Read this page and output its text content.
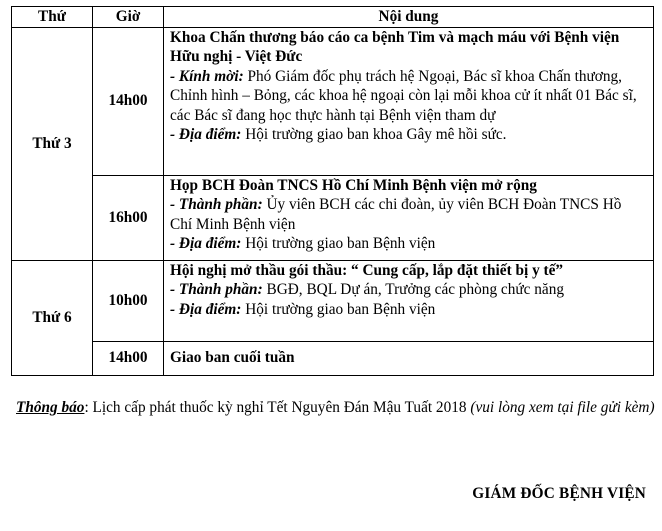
Thứ	Giờ	Nội dung
Thứ 3	14h00	Khoa Chấn thương báo cáo ca bệnh Tim và mạch máu với Bệnh viện Hữu nghị - Việt Đức
- Kính mời: Phó Giám đốc phụ trách hệ Ngoại, Bác sĩ khoa Chấn thương, Chỉnh hình – Bỏng, các khoa hệ ngoại còn lại mỗi khoa cử ít nhất 01 Bác sĩ, các Bác sĩ đang học thực hành tại Bệnh viện tham dự
- Địa điểm: Hội trường giao ban khoa Gây mê hồi sức.

	16h00	Họp BCH Đoàn TNCS Hồ Chí Minh Bệnh viện mở rộng
- Thành phần: Ủy viên BCH các chi đoàn, ủy viên BCH Đoàn TNCS Hồ Chí Minh Bệnh viện
- Địa điểm: Hội trường giao ban Bệnh viện

Thứ 6	10h00	Hội nghị mở thầu gói thầu: “ Cung cấp, lắp đặt thiết bị y tế”
- Thành phần: BGĐ, BQL Dự án, Trưởng các phòng chức năng
- Địa điểm: Hội trường giao ban Bệnh viện

	14h00	Giao ban cuối tuần
Thông báo: Lịch cấp phát thuốc kỳ nghỉ Tết Nguyên Đán Mậu Tuất 2018 (vui lòng xem tại file gửi kèm)
GIÁM ĐỐC BỆNH VIỆN
